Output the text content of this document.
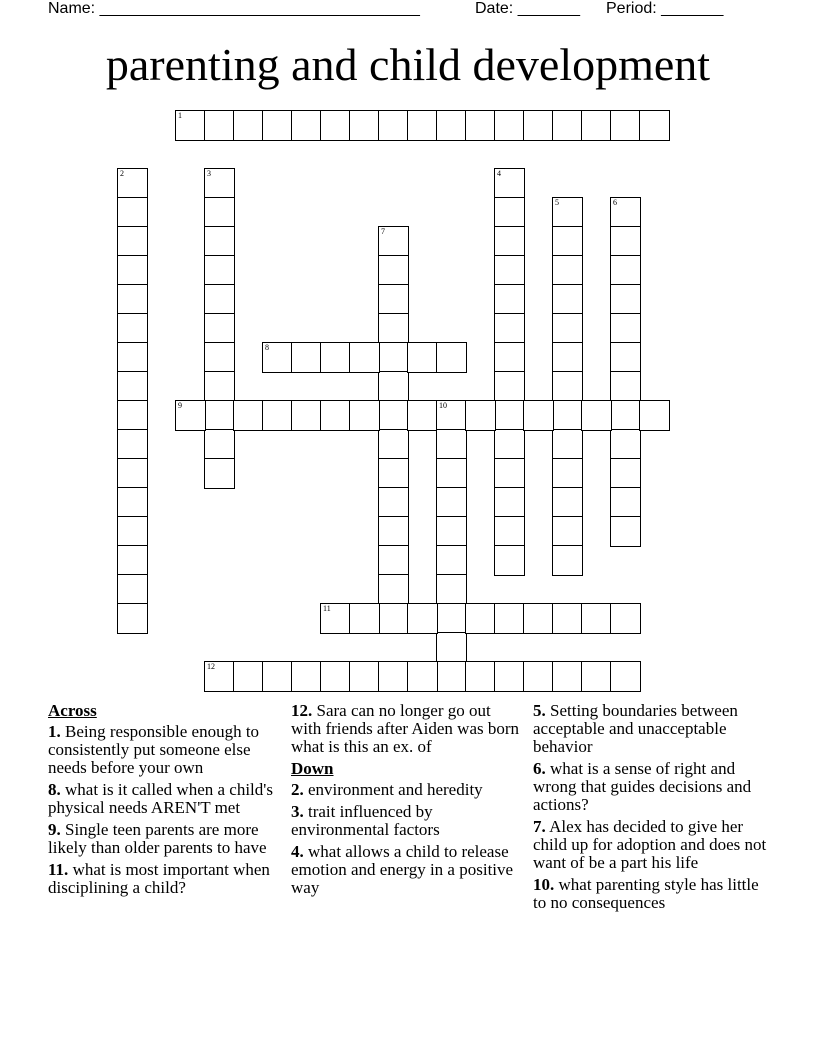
Name: ____________________________________	Date: _______ Period: _______
parenting and child development
1
2	3	4
5	6
7
8
9	10
11
12
Across
1. Being responsible enough to consistently put someone else needs before your own
8. what is it called when a child's physical needs AREN'T met
9. Single teen parents are more likely than older parents to have
11. what is most important when disciplining a child?
12. Sara can no longer go out with friends after Aiden was born what is this an ex. of
Down
2. environment and heredity
3. trait influenced by environmental factors
4. what allows a child to release emotion and energy in a positive way
5. Setting boundaries between acceptable and unacceptable behavior
6. what is a sense of right and wrong that guides decisions and actions?
7. Alex has decided to give her child up for adoption and does not want of be a part his life
10. what parenting style has little to no consequences
